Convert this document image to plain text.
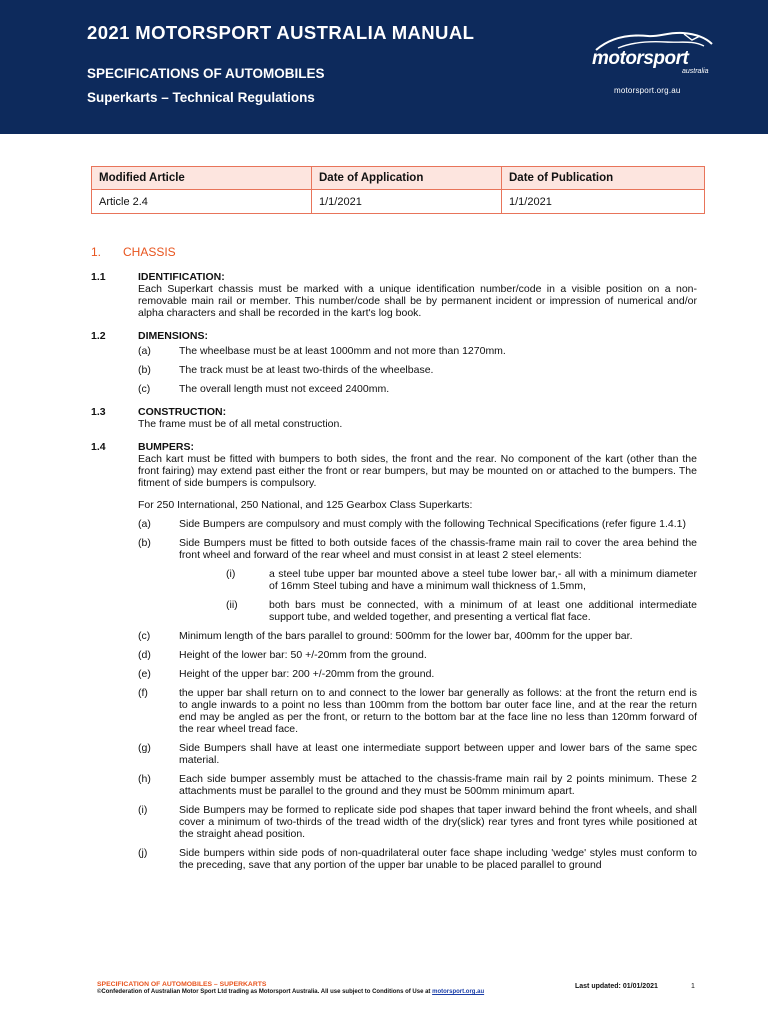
2021 MOTORSPORT AUSTRALIA MANUAL
SPECIFICATIONS OF AUTOMOBILES
Superkarts – Technical Regulations
motorsport
australia
motorsport.org.au
Modified Article	Date of Application	Date of Publication
Article 2.4	1/1/2021	1/1/2021
1.	CHASSIS
1.1	IDENTIFICATION:
Each Superkart chassis must be marked with a unique identification number/code in a visible position on a non-removable main rail or member. This number/code shall be by permanent incident or impression of numerical and/or alpha characters and shall be recorded in the kart's log book.
1.2	DIMENSIONS:
(a)	The wheelbase must be at least 1000mm and not more than 1270mm.
(b)	The track must be at least two-thirds of the wheelbase.
(c)	The overall length must not exceed 2400mm.
1.3	CONSTRUCTION:
The frame must be of all metal construction.
1.4	BUMPERS:
Each kart must be fitted with bumpers to both sides, the front and the rear. No component of the kart (other than the front fairing) may extend past either the front or rear bumpers, but may be mounted on or attached to the bumpers. The fitment of side bumpers is compulsory.
For 250 International, 250 National, and 125 Gearbox Class Superkarts:
(a)	Side Bumpers are compulsory and must comply with the following Technical Specifications (refer figure 1.4.1)
(b)	Side Bumpers must be fitted to both outside faces of the chassis-frame main rail to cover the area behind the front wheel and forward of the rear wheel and must consist in at least 2 steel elements:
(i)	a steel tube upper bar mounted above a steel tube lower bar,- all with a minimum diameter of 16mm Steel tubing and have a minimum wall thickness of 1.5mm,
(ii)	both bars must be connected, with a minimum of at least one additional intermediate support tube, and welded together, and presenting a vertical flat face.
(c)	Minimum length of the bars parallel to ground: 500mm for the lower bar, 400mm for the upper bar.
(d)	Height of the lower bar: 50 +/-20mm from the ground.
(e)	Height of the upper bar: 200 +/-20mm from the ground.
(f)	the upper bar shall return on to and connect to the lower bar generally as follows: at the front the return end is to angle inwards to a point no less than 100mm from the bottom bar outer face line, and at the rear the return end may be angled as per the front, or return to the bottom bar at the face line no less than 120mm forward of the rear wheel tread face.
(g)	Side Bumpers shall have at least one intermediate support between upper and lower bars of the same spec material.
(h)	Each side bumper assembly must be attached to the chassis-frame main rail by 2 points minimum. These 2 attachments must be parallel to the ground and they must be 500mm minimum apart.
(i)	Side Bumpers may be formed to replicate side pod shapes that taper inward behind the front wheels, and shall cover a minimum of two-thirds of the tread width of the dry(slick) rear tyres and front tyres while positioned at the straight ahead position.
(j)	Side bumpers within side pods of non-quadrilateral outer face shape including 'wedge' styles must conform to the preceding, save that any portion of the upper bar unable to be placed parallel to ground
SPECIFICATION OF AUTOMOBILES – SUPERKARTS
©Confederation of Australian Motor Sport Ltd trading as Motorsport Australia. All use subject to Conditions of Use at motorsport.org.au
Last updated: 01/01/2021	1
